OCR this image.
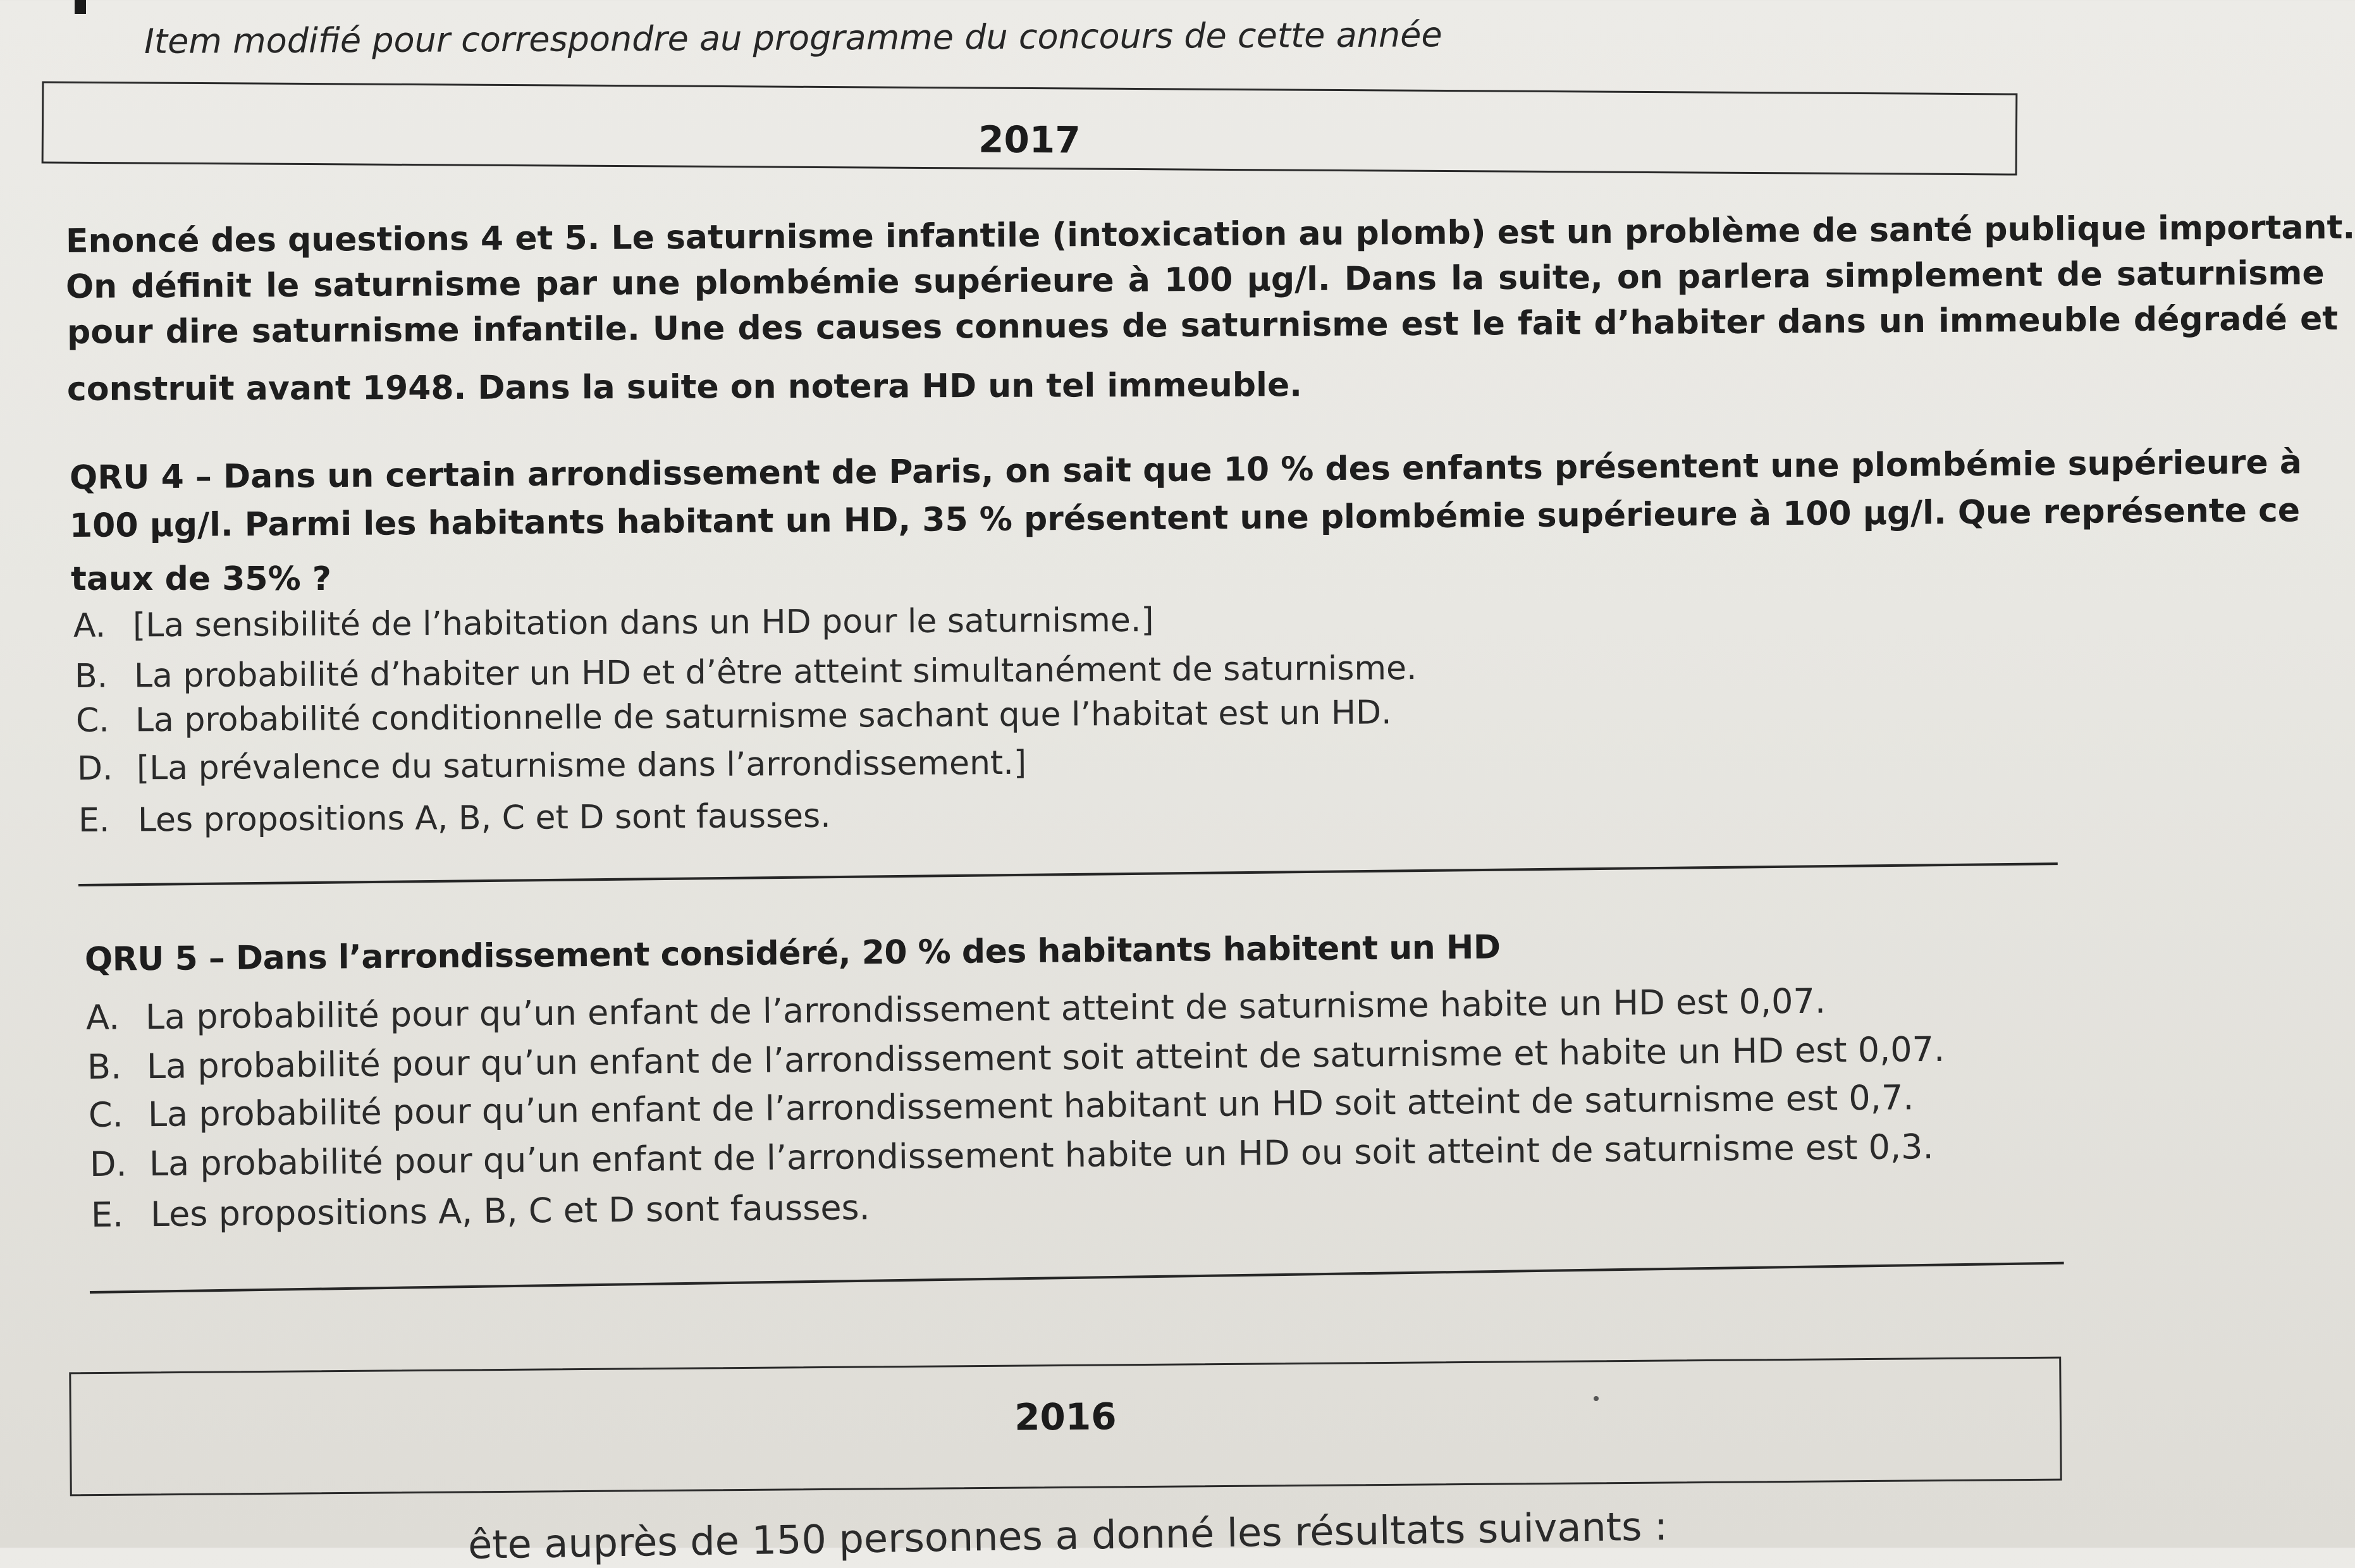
Item modifié pour correspondre au programme du concours de cette année
2017
Enoncé des questions 4 et 5. Le saturnisme infantile (intoxication au plomb) est un problème de santé publique important.
On définit le saturnisme par une plombémie supérieure à 100 µg/l. Dans la suite, on parlera simplement de saturnisme
pour dire saturnisme infantile. Une des causes connues de saturnisme est le fait d’habiter dans un immeuble dégradé et
construit avant 1948. Dans la suite on notera HD un tel immeuble.
QRU 4 – Dans un certain arrondissement de Paris, on sait que 10 % des enfants présentent une plombémie supérieure à
100 µg/l. Parmi les habitants habitant un HD, 35 % présentent une plombémie supérieure à 100 µg/l. Que représente ce
taux de 35% ?
A. [La sensibilité de l’habitation dans un HD pour le saturnisme.]
B. La probabilité d’habiter un HD et d’être atteint simultanément de saturnisme.
C. La probabilité conditionnelle de saturnisme sachant que l’habitat est un HD.
D. [La prévalence du saturnisme dans l’arrondissement.]
E. Les propositions A, B, C et D sont fausses.
QRU 5 – Dans l’arrondissement considéré, 20 % des habitants habitent un HD
A. La probabilité pour qu’un enfant de l’arrondissement atteint de saturnisme habite un HD est 0,07.
B. La probabilité pour qu’un enfant de l’arrondissement soit atteint de saturnisme et habite un HD est 0,07.
C. La probabilité pour qu’un enfant de l’arrondissement habitant un HD soit atteint de saturnisme est 0,7.
D. La probabilité pour qu’un enfant de l’arrondissement habite un HD ou soit atteint de saturnisme est 0,3.
E. Les propositions A, B, C et D sont fausses.
2016
ête auprès de 150 personnes a donné les résultats suivants :
